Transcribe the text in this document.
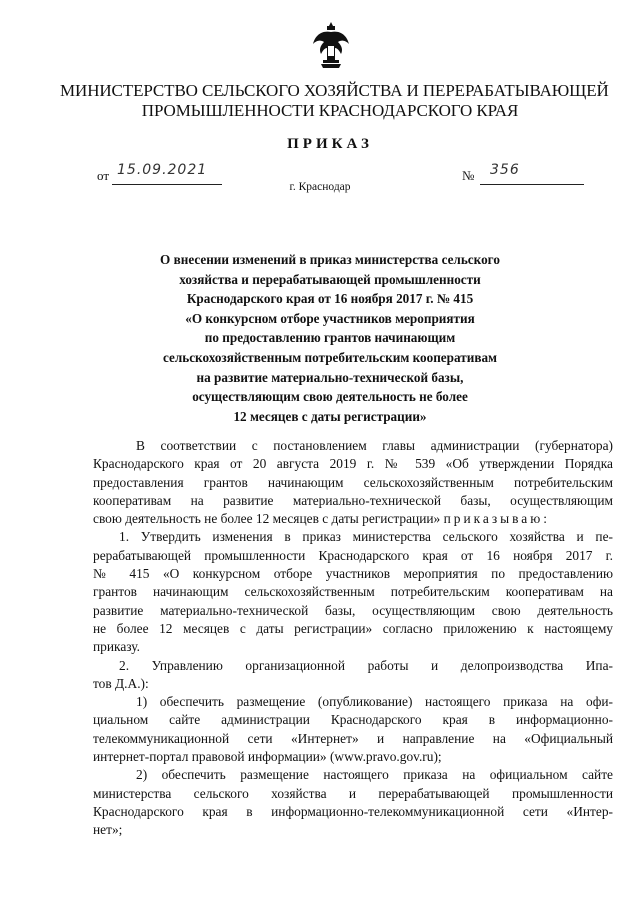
МИНИСТЕРСТВО СЕЛЬСКОГО ХОЗЯЙСТВА И ПЕРЕРАБАТЫВАЮЩЕЙ
ПРОМЫШЛЕННОСТИ КРАСНОДАРСКОГО КРАЯ
ПРИКАЗ
от 15.09.2021	№ 356
г. Краснодар
О внесении изменений в приказ министерства сельского
хозяйства и перерабатывающей промышленности
Краснодарского края от 16 ноября 2017 г. № 415
«О конкурсном отборе участников мероприятия
по предоставлению грантов начинающим
сельскохозяйственным потребительским кооперативам
на развитие материально-технической базы,
осуществляющим свою деятельность не более
12 месяцев с даты регистрации»
В соответствии с постановлением главы администрации (губернатора)
Краснодарского края от 20 августа 2019 г. № 539 «Об утверждении Порядка
предоставления грантов начинающим сельскохозяйственным потребительским
кооперативам на развитие материально-технической базы, осуществляющим
свою деятельность не более 12 месяцев с даты регистрации» приказываю:
1. Утвердить изменения в приказ министерства сельского хозяйства и пе-
рерабатывающей промышленности Краснодарского края от 16 ноября 2017 г.
№ 415 «О конкурсном отборе участников мероприятия по предоставлению
грантов начинающим сельскохозяйственным потребительским кооперативам на
развитие материально-технической базы, осуществляющим свою деятельность
не более 12 месяцев с даты регистрации» согласно приложению к настоящему
приказу.
2. Управлению организационной работы и делопроизводства Ипа-
тов Д.А.):
1) обеспечить размещение (опубликование) настоящего приказа на офи-
циальном сайте администрации Краснодарского края в информационно-
телекоммуникационной сети «Интернет» и направление на «Официальный
интернет-портал правовой информации» (www.pravo.gov.ru);
2) обеспечить размещение настоящего приказа на официальном сайте
министерства сельского хозяйства и перерабатывающей промышленности
Краснодарского края в информационно-телекоммуникационной сети «Интер-
нет»;
